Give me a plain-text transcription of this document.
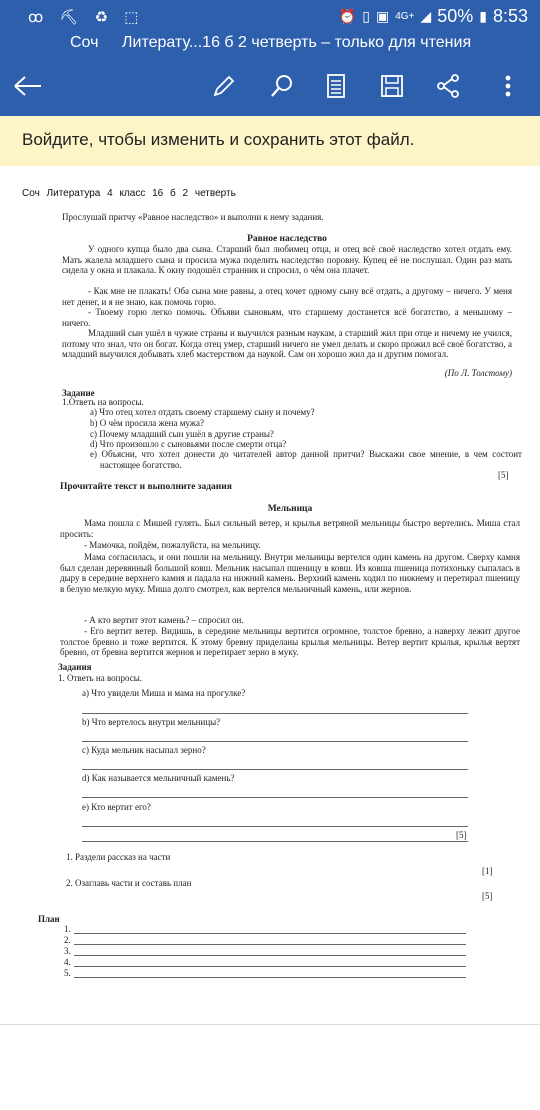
ꝏ ⛏ ♻ ⬚	⏰ ▯ ▣ 4G+ ◢ 50% ▮ 8:53
Соч Литерату...16 б 2 четверть – только для чтения
Войдите, чтобы изменить и сохранить этот файл.
Соч Литература 4 класс 16 б 2 четверть
Прослушай притчу «Равное наследство» и выполни к нему задания.
Равное наследство
У одного купца было два сына. Старший был любимец отца, и отец всё своё наследство хотел отдать ему. Мать жалела младшего сына и просила мужа поделить наследство поровну. Купец её не послушал. Один раз мать сидела у окна и плакала. К окну подошёл странник и спросил, о чём она плачет.
- Как мне не плакать! Оба сына мне равны, а отец хочет одному сыну всё отдать, а другому – ничего. У меня нет денег, и я не знаю, как помочь горю.
- Твоему горю легко помочь. Объяви сыновьям, что старшему достанется всё богатство, а меньшому – ничего.
Младший сын ушёл в чужие страны и выучился разным наукам, а старший жил при отце и ничему не учился, потому что знал, что он богат. Когда отец умер, старший ничего не умел делать и скоро прожил всё своё богатство, а младший выучился добывать хлеб мастерством да наукой. Сам он хорошо жил да и другим помогал.
(По Л. Толстому)
Задание
1.Ответь на вопросы.
a) Что отец хотел отдать своему старшему сыну и почему?
b) О чём просила жена мужа?
c) Почему младший сын ушёл в другие страны?
d) Что произошло с сыновьями после смерти отца?
e) Объясни, что хотел донести до читателей автор данной притчи? Выскажи свое мнение, в чем состоит настоящее богатство.
[5]
Прочитайте текст и выполните задания
Мельница
Мама пошла с Мишей гулять. Был сильный ветер, и крылья ветряной мельницы быстро вертелись. Миша стал просить:
- Мамочка, пойдём, пожалуйста, на мельницу.
Мама согласилась, и они пошли на мельницу. Внутри мельницы вертелся один камень на другом. Сверху камня был сделан деревянный большой ковш. Мельник насыпал пшеницу в ковш. Из ковша пшеница потихоньку сыпалась в дыру в середине верхнего камня и падала на нижний камень. Верхний камень ходил по нижнему и перетирал пшеницу в белую мелкую муку. Миша долго смотрел, как вертелся мельничный камень, или жернов.
- А кто вертит этот камень? – спросил он.
- Его вертит ветер. Видишь, в середине мельницы вертится огромное, толстое бревно, а наверху лежит другое толстое бревно и тоже вертится. К этому бревну приделаны крылья мельницы. Ветер вертит крылья, крылья вертят бревно, от бревна вертится жернов и перетирает зерно в муку.
Задания
1. Ответь на вопросы.
a) Что увидели Миша и мама на прогулке?
b) Что вертелось внутри мельницы?
c) Куда мельник насыпал зерно?
d) Как называется мельничный камень?
e) Кто вертит его?
[5]
1. Раздели рассказ на части
[1]
2. Озаглавь части и составь план
[5]
План
1.
2.
3.
4.
5.
